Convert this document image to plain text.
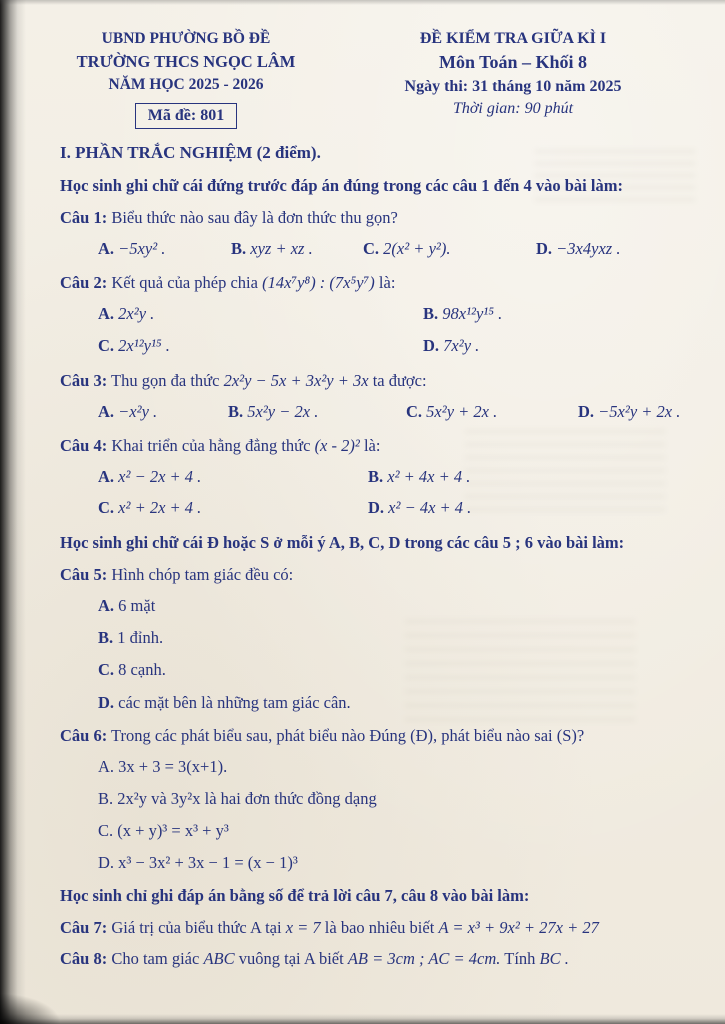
UBND PHƯỜNG BỒ ĐỀ
TRƯỜNG THCS NGỌC LÂM
NĂM HỌC 2025 - 2026
Mã đề: 801
ĐỀ KIỂM TRA GIỮA KÌ I
Môn Toán – Khối 8
Ngày thi: 31 tháng 10 năm 2025
Thời gian: 90 phút
I. PHẦN TRẮC NGHIỆM (2 điểm).
Học sinh ghi chữ cái đứng trước đáp án đúng trong các câu 1 đến 4 vào bài làm:

Câu 1: Biểu thức nào sau đây là đơn thức thu gọn?

A. −5xy² .	B. xyz + xz .	C. 2(x² + y²).	D. −3x4yxz .

Câu 2: Kết quả của phép chia (14x⁷y⁸) : (7x⁵y⁷) là:

A. 2x²y .	B. 98x¹²y¹⁵ .
C. 2x¹²y¹⁵ .	D. 7x²y .

Câu 3: Thu gọn đa thức 2x²y − 5x + 3x²y + 3x ta được:

A. −x²y .	B. 5x²y − 2x .	C. 5x²y + 2x .	D. −5x²y + 2x .

Câu 4: Khai triển của hằng đẳng thức (x - 2)² là:

A. x² − 2x + 4 .	B. x² + 4x + 4 .
C. x² + 2x + 4 .	D. x² − 4x + 4 .
Học sinh ghi chữ cái Đ hoặc S ở mỗi ý A, B, C, D trong các câu 5 ; 6 vào bài làm:

Câu 5: Hình chóp tam giác đều có:

A. 6 mặt
B. 1 đỉnh.
C. 8 cạnh.
D. các mặt bên là những tam giác cân.

Câu 6: Trong các phát biểu sau, phát biểu nào Đúng (Đ), phát biểu nào sai (S)?

A. 3x + 3 = 3(x+1).
B. 2x²y và 3y²x là hai đơn thức đồng dạng
C. (x + y)³ = x³ + y³
D. x³ − 3x² + 3x − 1 = (x − 1)³
Học sinh chỉ ghi đáp án bằng số để trả lời câu 7, câu 8 vào bài làm:

Câu 7: Giá trị của biểu thức A tại x = 7 là bao nhiêu biết A = x³ + 9x² + 27x + 27

Câu 8: Cho tam giác ABC vuông tại A biết AB = 3cm ; AC = 4cm. Tính BC .
